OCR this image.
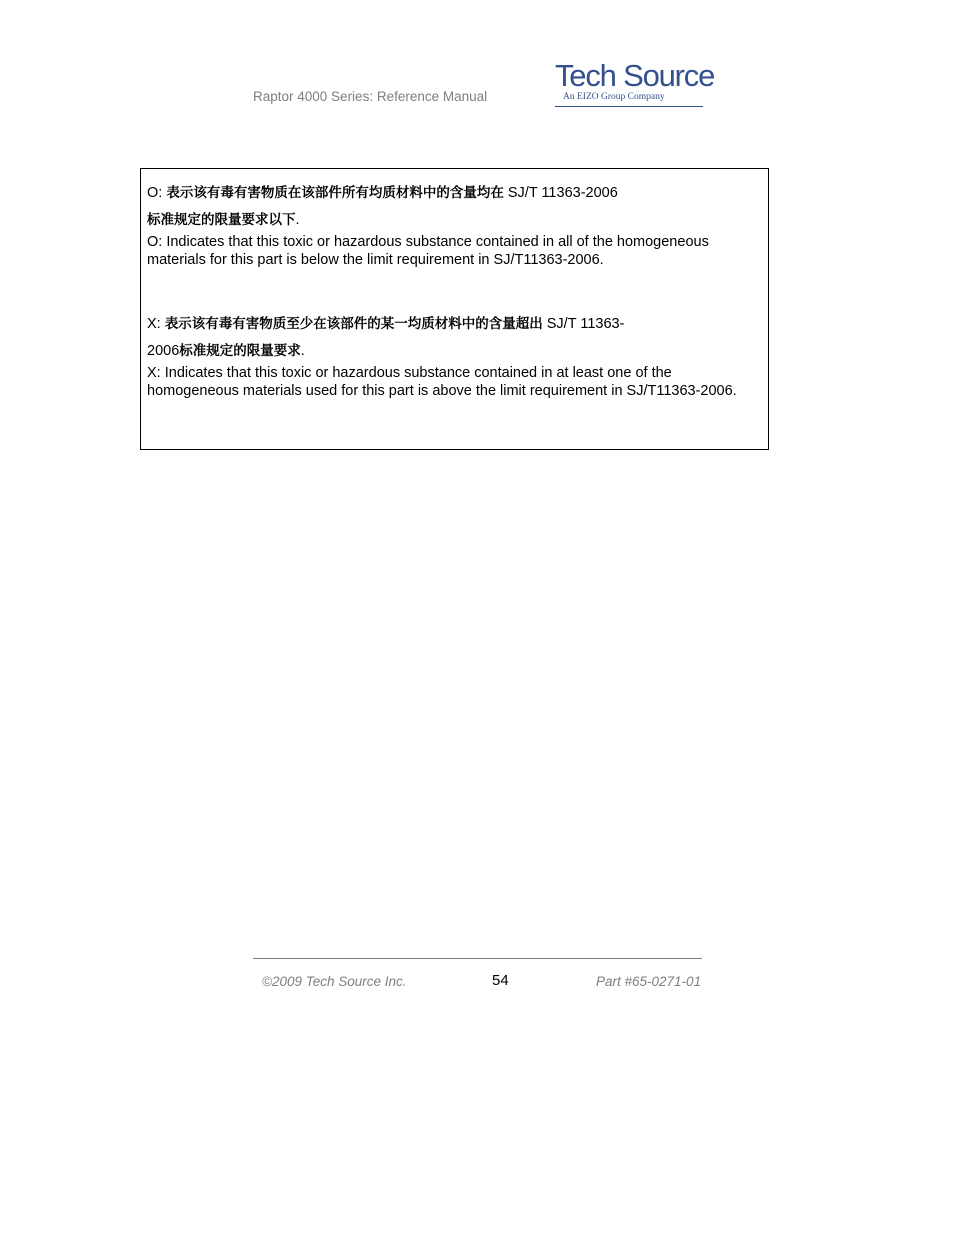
Raptor 4000 Series: Reference Manual
Tech Source
An EIZO Group Company

O: 表示该有毒有害物质在该部件所有均质材料中的含量均在 SJ/T 11363-2006

标准规定的限量要求以下.

O: Indicates that this toxic or hazardous substance contained in all of the homogeneous materials for this part is below the limit requirement in SJ/T11363-2006.

X: 表示该有毒有害物质至少在该部件的某一均质材料中的含量超出 SJ/T 11363-

2006标准规定的限量要求.

X: Indicates that this toxic or hazardous substance contained in at least one of the homogeneous materials used for this part is above the limit requirement in SJ/T11363-2006.

©2009 Tech Source Inc.	54	Part #65-0271-01
